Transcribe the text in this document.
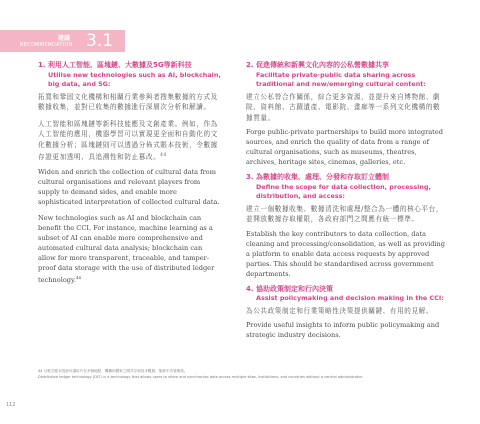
建議
RECOMMENDATION 3.1
1. 利用人工智能、區塊鏈、大數據及5G等新科技
Utilise new technologies such as AI, blockchain, big data, and 5G:
拓寬和鞏固文化機構和相關行業參與者搜集數據的方式及數據收集，並對已收集的數據進行深層次分析和解讀。
人工智能和區塊鏈等新科技能應及文創產業。例如，作為人工智能的應用，機器學習可以實現更全面和自動化的文化數據分析；區塊鏈則可以透過分佈式賬本技術，令數據存證更加透明、具追溯性和防止篡改。$^{44}$
Widen and enrich the collection of cultural data from cultural organisations and relevant players from supply to demand sides, and enable more sophisticated interpretation of collected cultural data.
New technologies such as AI and blockchain can benefit the CCI. For instance, machine learning as a subset of AI can enable more comprehensive and automated cultural data analysis; blockchain can allow for more transparent, traceable, and tamper-proof data storage with the use of distributed ledger technology.$^{44}$
2. 促進傳統和新興文化內容的公私營數據共享
Facilitate private-public data sharing across traditional and new/emerging cultural content:
建立公私營合作關係，綜合更多資源，並提升來自博物館、劇院、資料館、古蹟遺產、電影院、畫廊等一系列文化機構的數據質量。
Forge public-private partnerships to build more integrated sources, and enrich the quality of data from a range of cultural organisations, such as museums, theatres, archives, heritage sites, cinemas, galleries, etc.
3. 為數據的收集、處理、分發和存取訂立體制
Define the scope for data collection, processing, distribution, and access:
建立一個數據收集、數據清洗和處理/整合為一體的核心平台，並開放數據存取權限，各政府部門之間應有統一標準。
Establish the key contributors to data collection, data cleaning and processing/consolidation, as well as providing a platform to enable data access requests by approved parties. This should be standardised across government departments.
4. 協助政策制定和行內決策
Assist policymaking and decision making in the CCI:
為公共政策制定和行業策略性決策提供關鍵、有用的見解。
Provide useful insights to inform public policymaking and strategic industry decisions.
44 分佈式賬本技術可讓用戶在多個地點、機構和國家之間共享和同步數據，無需中央管理員。
Distributed ledger technology (DLT) is a technology that allows users to share and synchronise data across multiple sites, institutions, and countries without a central administrator.
112
